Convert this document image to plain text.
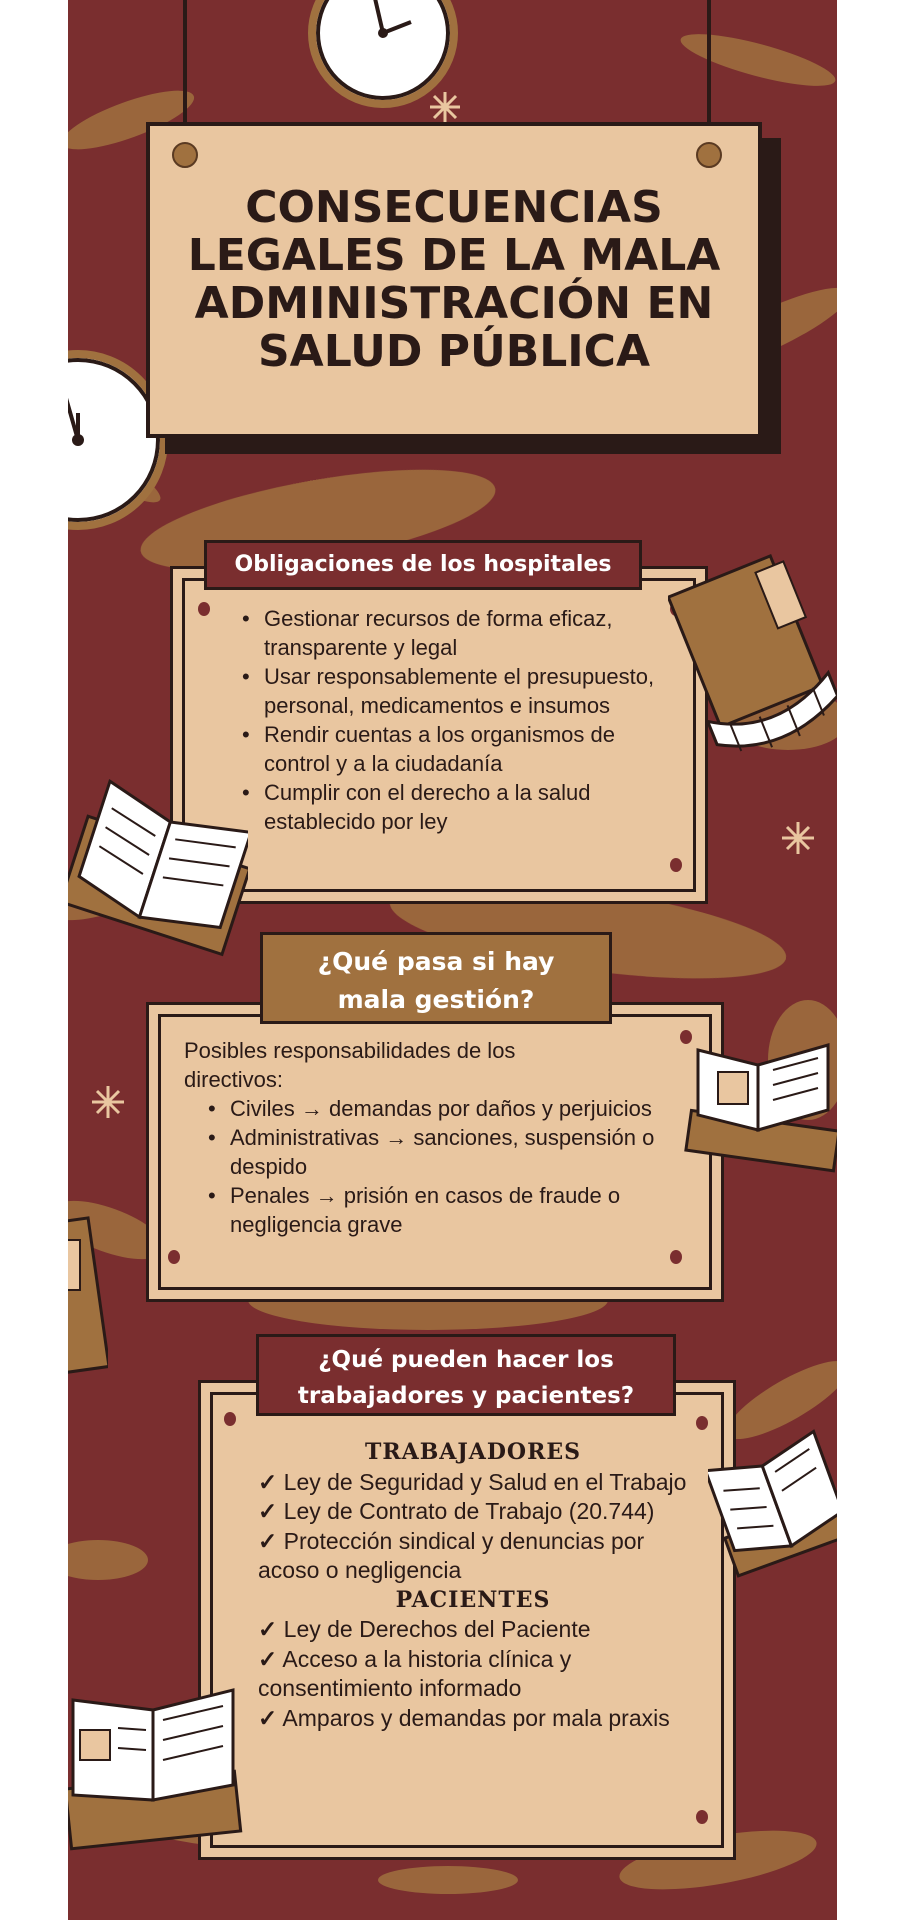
CONSECUENCIAS LEGALES DE LA MALA ADMINISTRACIÓN EN SALUD PÚBLICA
Obligaciones de los hospitales
• Gestionar recursos de forma eficaz, transparente y legal
• Usar responsablemente el presupuesto, personal, medicamentos e insumos
• Rendir cuentas a los organismos de control y a la ciudadanía
• Cumplir con el derecho a la salud establecido por ley
¿Qué pasa si hay mala gestión?
Posibles responsabilidades de los directivos:
• Civiles → demandas por daños y perjuicios
• Administrativas → sanciones, suspensión o despido
• Penales → prisión en casos de fraude o negligencia grave
¿Qué pueden hacer los trabajadores y pacientes?
TRABAJADORES
✓ Ley de Seguridad y Salud en el Trabajo
✓ Ley de Contrato de Trabajo (20.744)
✓ Protección sindical y denuncias por acoso o negligencia
PACIENTES
✓ Ley de Derechos del Paciente
✓ Acceso a la historia clínica y consentimiento informado
✓ Amparos y demandas por mala praxis
